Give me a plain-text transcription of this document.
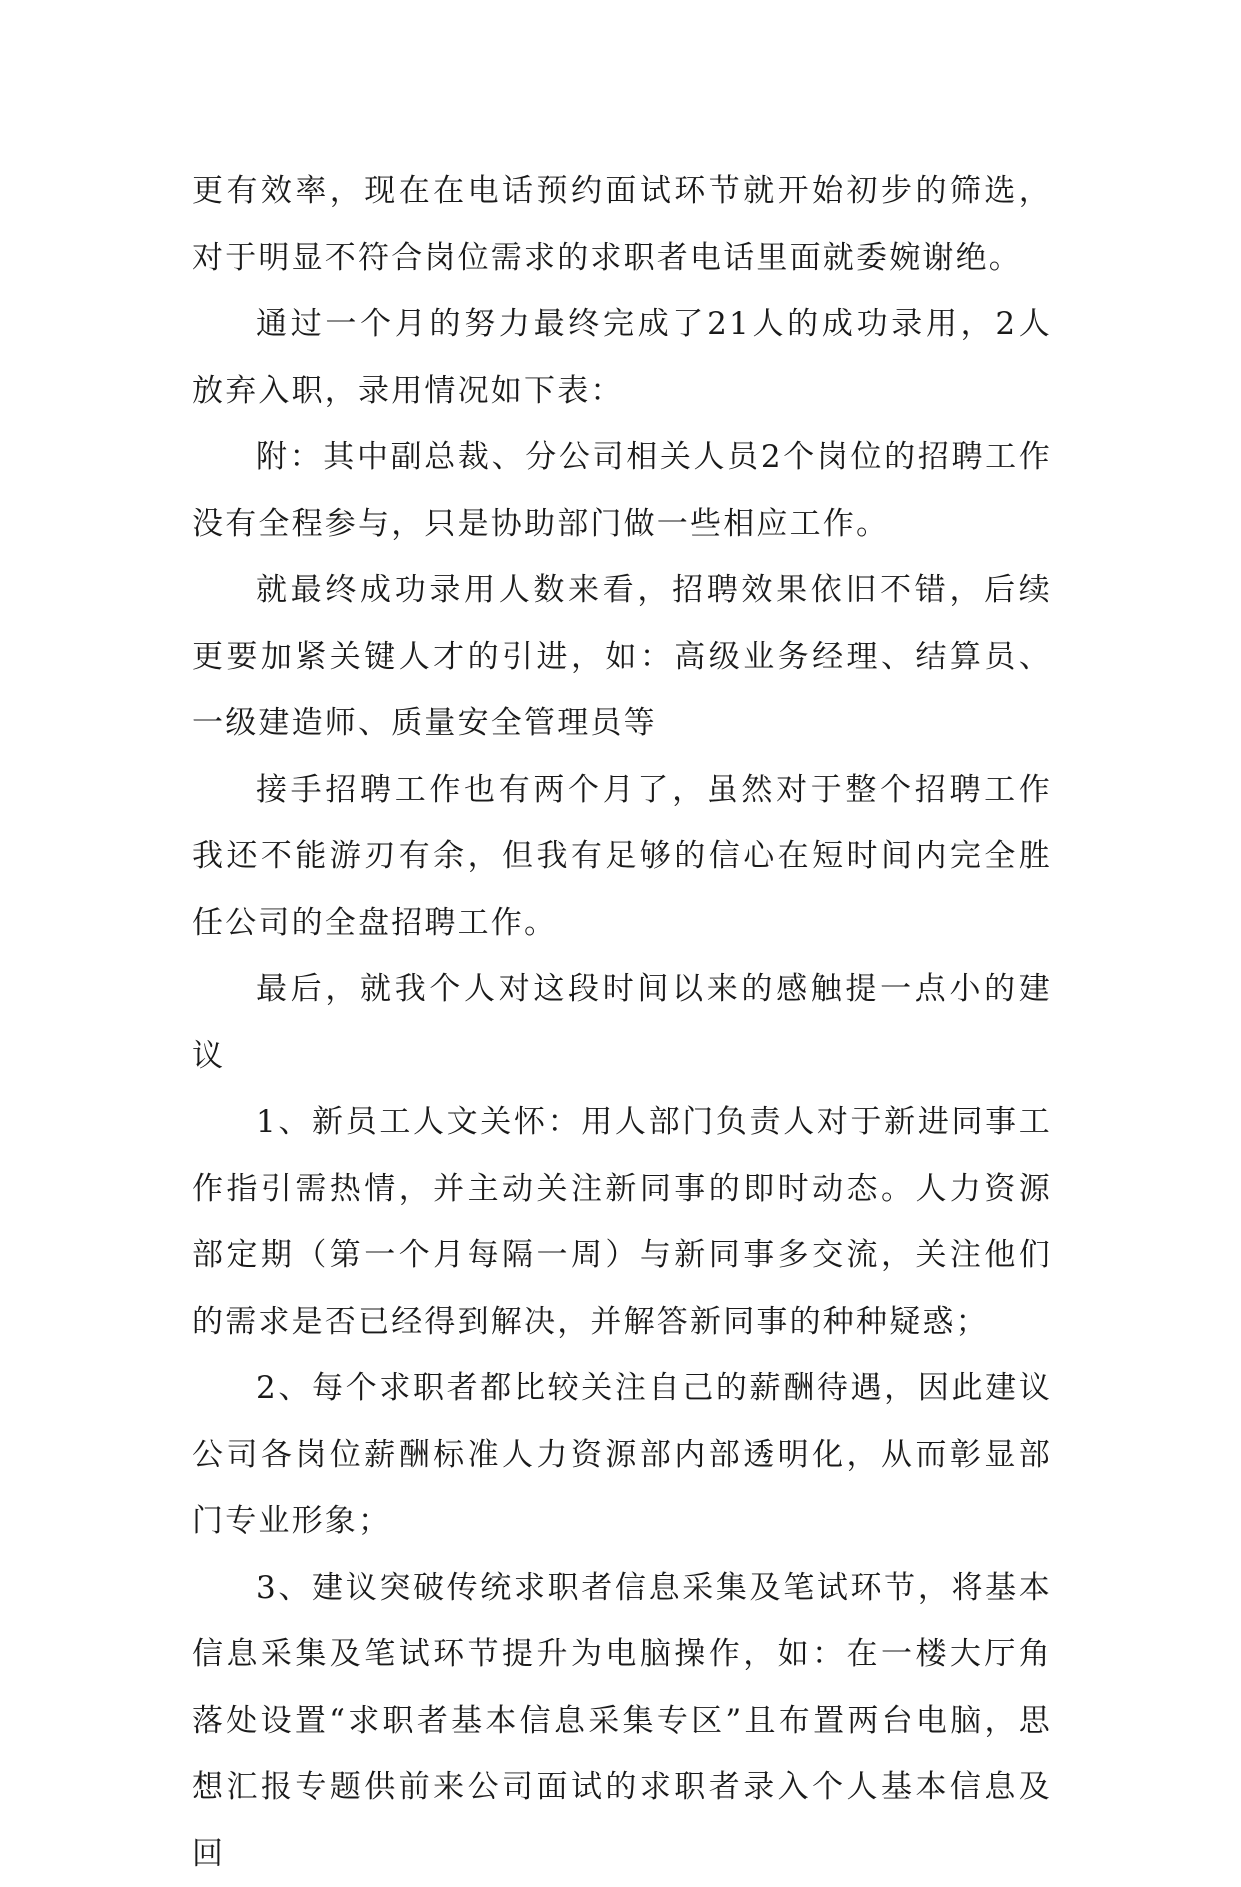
更有效率，现在在电话预约面试环节就开始初步的筛选，对于明显不符合岗位需求的求职者电话里面就委婉谢绝。

通过一个月的努力最终完成了21人的成功录用，2人放弃入职，录用情况如下表：

附：其中副总裁、分公司相关人员2个岗位的招聘工作没有全程参与，只是协助部门做一些相应工作。

就最终成功录用人数来看，招聘效果依旧不错，后续更要加紧关键人才的引进，如：高级业务经理、结算员、一级建造师、质量安全管理员等

接手招聘工作也有两个月了，虽然对于整个招聘工作我还不能游刃有余，但我有足够的信心在短时间内完全胜任公司的全盘招聘工作。

最后，就我个人对这段时间以来的感触提一点小的建议

1、新员工人文关怀：用人部门负责人对于新进同事工作指引需热情，并主动关注新同事的即时动态。人力资源部定期（第一个月每隔一周）与新同事多交流，关注他们的需求是否已经得到解决，并解答新同事的种种疑惑；

2、每个求职者都比较关注自己的薪酬待遇，因此建议公司各岗位薪酬标准人力资源部内部透明化，从而彰显部门专业形象；

3、建议突破传统求职者信息采集及笔试环节，将基本信息采集及笔试环节提升为电脑操作，如：在一楼大厅角落处设置“求职者基本信息采集专区”且布置两台电脑，思想汇报专题供前来公司面试的求职者录入个人基本信息及回
